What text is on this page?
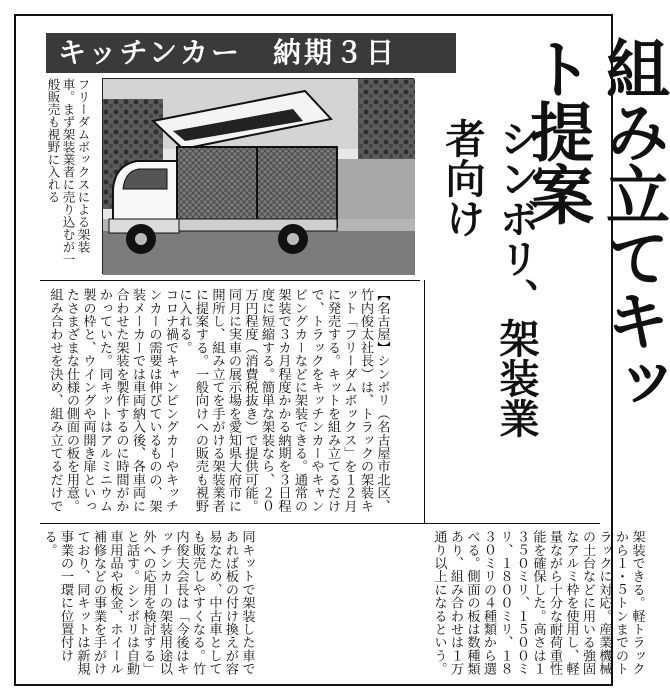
キッチンカー　納期３日	組み立てキット提案
シンボリ、架装業者向け
フリーダムボックスによる架装車。まず架装業者に売り込むが一般販売も視野に入れる
【名古屋】シンボリ（名古屋市北区、竹内俊太社長）は、トラックの架装キット「フリーダムボックス」を１２月に発売する。キットを組み立てるだけで、トラックをキッチンカーやキャンピングカーなどに架装できる。通常の架装で３カ月程度かかる納期を３日程度に短縮する。簡単な架装なら、２０万円程度（消費税抜き）で提供可能。同月に実車の展示場を愛知県大府市に開所し、組み立てを手がける架装業者に提案する。一般向けへの販売も視野に入れる。
コロナ禍でキャンピングカーやキッチンカーの需要は伸びているものの、架装メーカーでは車両納入後、各車両に合わせた架装を製作するのに時間がかかっていた。同キットはアルミニウム製の枠と、ウイングや両開き扉といったさまざまな仕様の側面の板を用意。組み合わせを決め、組み立てるだけで
架装できる。軽トラックから１・５トンまでのトラックに対応。産業機械の土台などに用いる強固なアルミ枠を使用し、軽量ながら十分な耐荷重性能を確保した。高さは１３５０ミリ、１５００ミリ、１８００ミリ、１８３０ミリの４種類から選べる。側面の板は数種類あり、組み合わせは１万通り以上になるという。
同キットで架装した車であれば板の付け換えが容易なため、中古車としても販売しやすくなる。竹内俊夫会長は「今後はキッチンカーの架装用途以外への応用を検討する」と話す。シンボリは自動車用品や板金、ホイール補修などの事業を手がけており、同キットは新規事業の一環に位置付ける。
